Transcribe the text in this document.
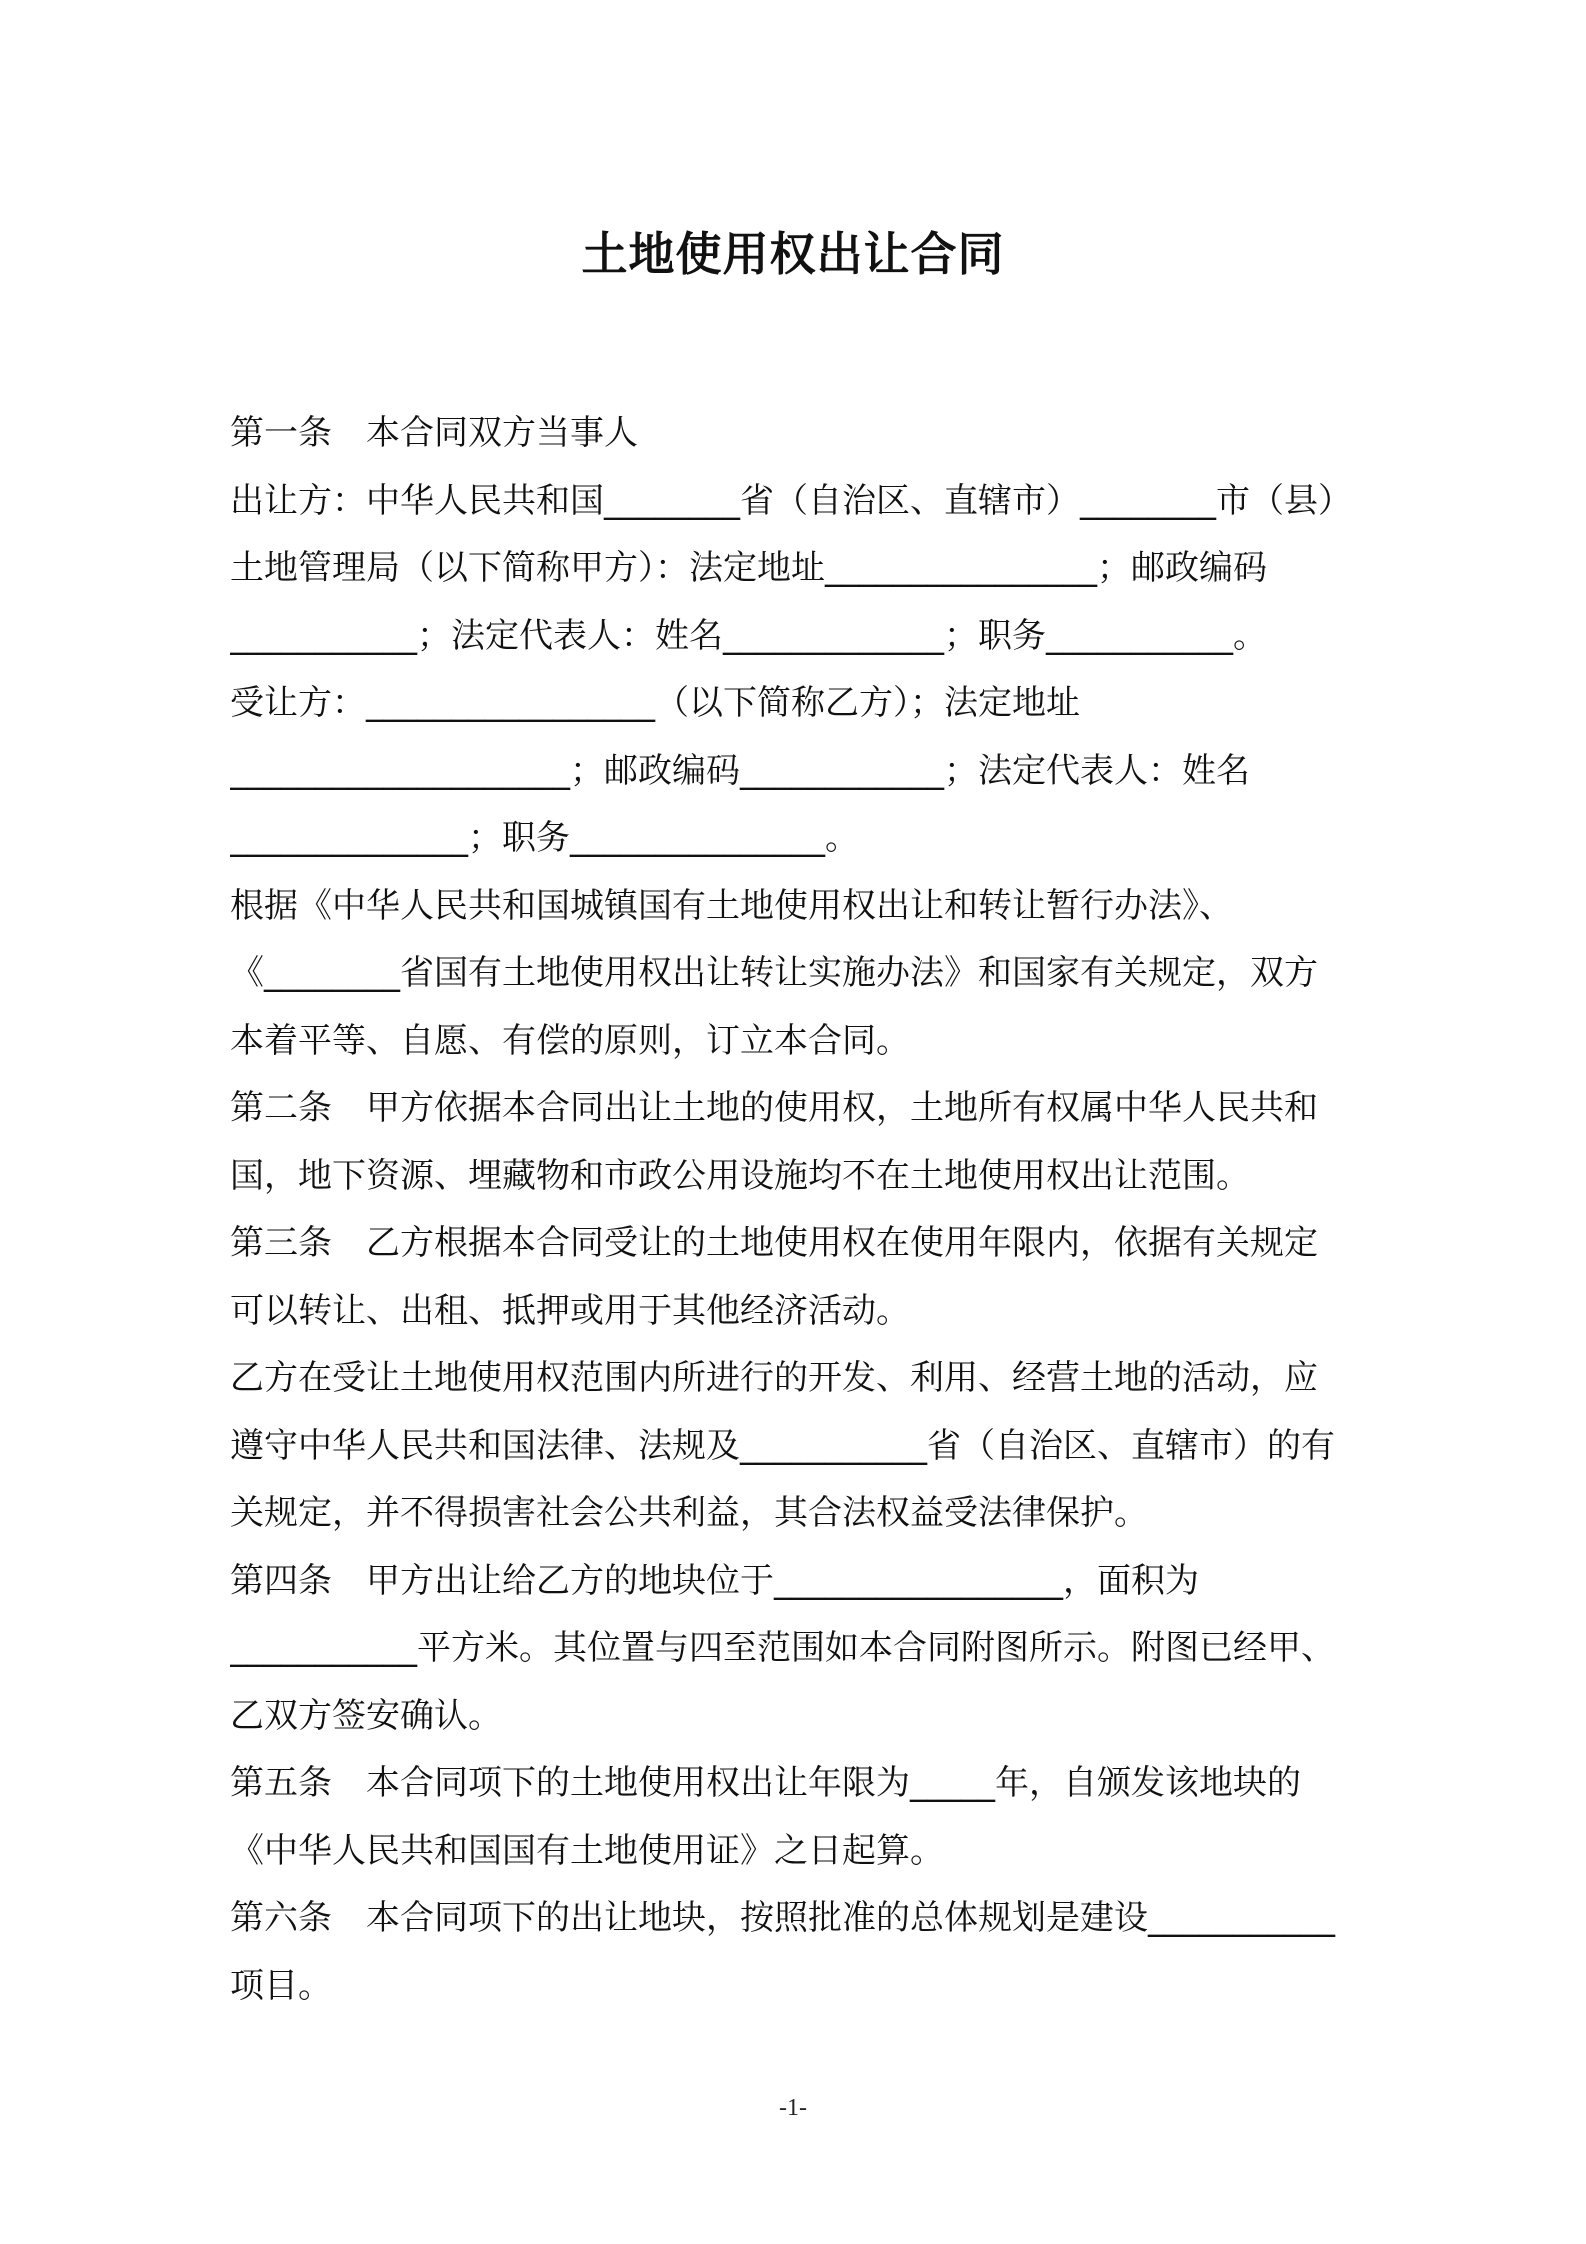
土地使用权出让合同
第一条　本合同双方当事人
出让方：中华人民共和国________省（自治区、直辖市）________市（县）
土地管理局（以下简称甲方）：法定地址________________；邮政编码
___________；法定代表人：姓名_____________；职务___________。
受让方：_________________（以下简称乙方）；法定地址
____________________；邮政编码____________；法定代表人：姓名
______________；职务_______________。
根据《中华人民共和国城镇国有土地使用权出让和转让暂行办法》、
《________省国有土地使用权出让转让实施办法》和国家有关规定，双方
本着平等、自愿、有偿的原则，订立本合同。
第二条　甲方依据本合同出让土地的使用权，土地所有权属中华人民共和
国，地下资源、埋藏物和市政公用设施均不在土地使用权出让范围。
第三条　乙方根据本合同受让的土地使用权在使用年限内，依据有关规定
可以转让、出租、抵押或用于其他经济活动。
乙方在受让土地使用权范围内所进行的开发、利用、经营土地的活动，应
遵守中华人民共和国法律、法规及___________省（自治区、直辖市）的有
关规定，并不得损害社会公共利益，其合法权益受法律保护。
第四条　甲方出让给乙方的地块位于_________________，面积为
___________平方米。其位置与四至范围如本合同附图所示。附图已经甲、
乙双方签安确认。
第五条　本合同项下的土地使用权出让年限为_____年，自颁发该地块的
《中华人民共和国国有土地使用证》之日起算。
第六条　本合同项下的出让地块，按照批准的总体规划是建设___________
项目。
-1-
